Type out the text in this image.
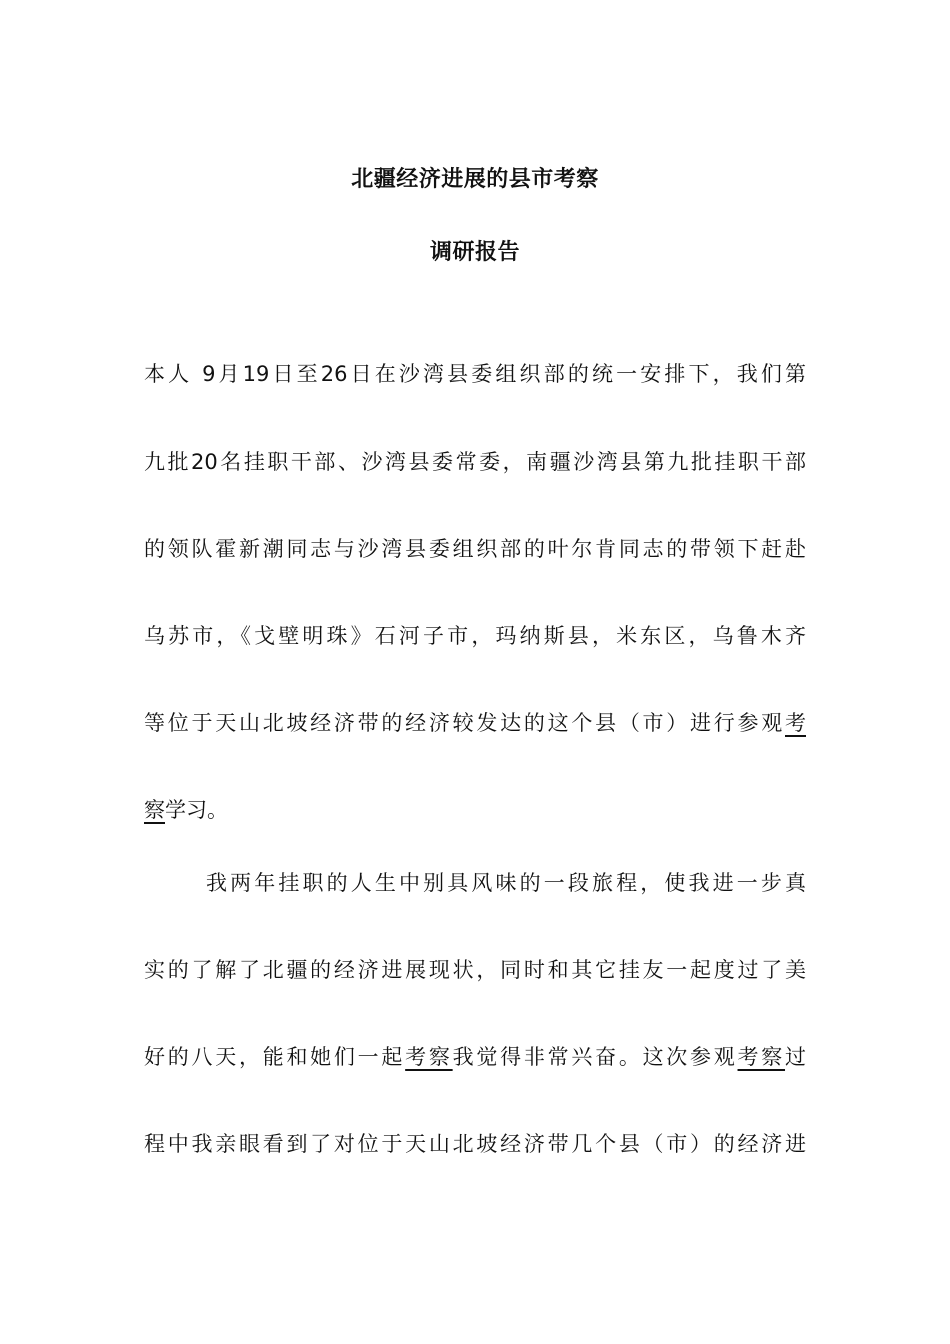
北疆经济进展的县市考察
调研报告

本人 9月19日至26日在沙湾县委组织部的统一安排下，我们第

九批20名挂职干部、沙湾县委常委，南疆沙湾县第九批挂职干部

的领队霍新潮同志与沙湾县委组织部的叶尔肯同志的带领下赶赴

乌苏市，《戈壁明珠》石河子市，玛纳斯县，米东区，乌鲁木齐

等位于天山北坡经济带的经济较发达的这个县（市）进行参观考

察学习。

我两年挂职的人生中别具风味的一段旅程，使我进一步真

实的了解了北疆的经济进展现状，同时和其它挂友一起度过了美

好的八天，能和她们一起考察我觉得非常兴奋。这次参观考察过

程中我亲眼看到了对位于天山北坡经济带几个县（市）的经济进
